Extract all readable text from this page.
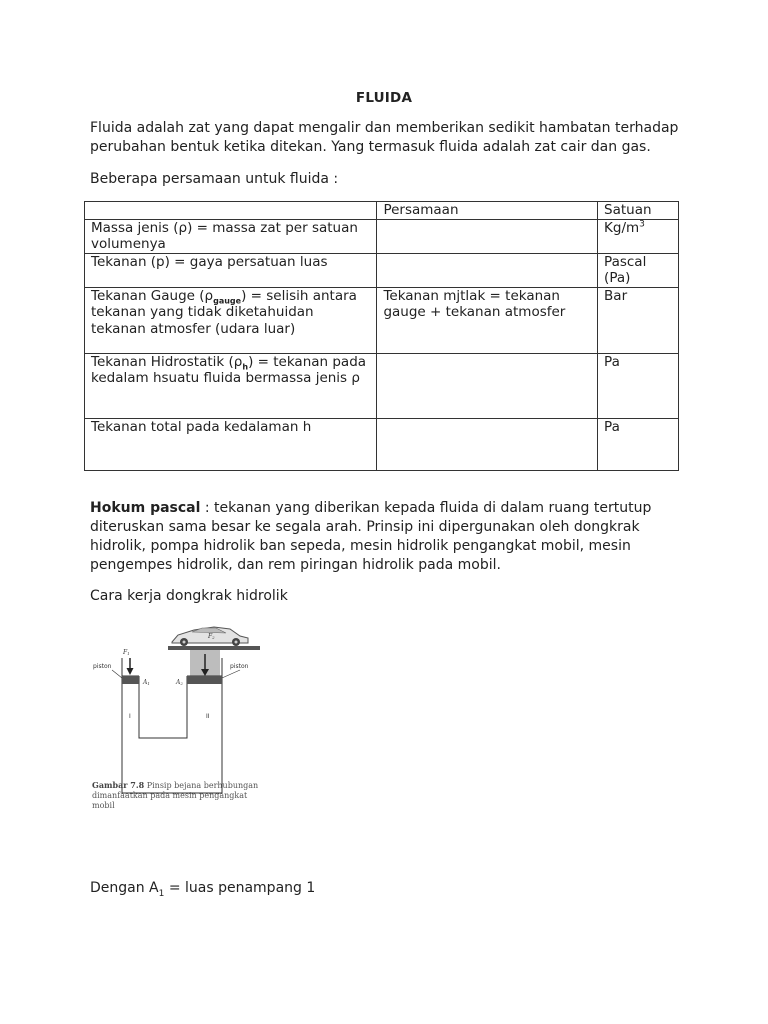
FLUIDA
Fluida adalah zat yang dapat mengalir dan memberikan sedikit hambatan terhadap perubahan bentuk ketika ditekan. Yang termasuk fluida adalah zat cair dan gas.
Beberapa persamaan untuk fluida :
	Persamaan	Satuan
Massa jenis (ρ) = massa zat per satuan volumenya		$Kg/m^3$
Tekanan (p) = gaya persatuan luas		Pascal (Pa)
Tekanan Gauge $(\rho_{gauge})$ = selisih antara tekanan yang tidak diketahuidan tekanan atmosfer (udara luar)	Tekanan mjtlak = tekanan gauge + tekanan atmosfer	Bar
Tekanan Hidrostatik $(\rho_h)$ = tekanan pada kedalam hsuatu fluida bermassa jenis ρ		Pa
Tekanan total pada kedalaman h		Pa
Hokum pascal : tekanan yang diberikan kepada fluida di dalam ruang tertutup diteruskan sama besar ke segala arah. Prinsip ini dipergunakan oleh dongkrak hidrolik, pompa hidrolik ban sepeda, mesin hidrolik pengangkat mobil, mesin pengempes hidrolik, dan rem piringan hidrolik pada mobil.
Cara kerja dongkrak hidrolik
F2
F1
piston	piston
A1	A2
I	II
Gambar 7.8 Pinsip bejana berhubungan dimanfaatkan pada mesin pengangkat mobil
Dengan $A_1$ = luas penampang 1
